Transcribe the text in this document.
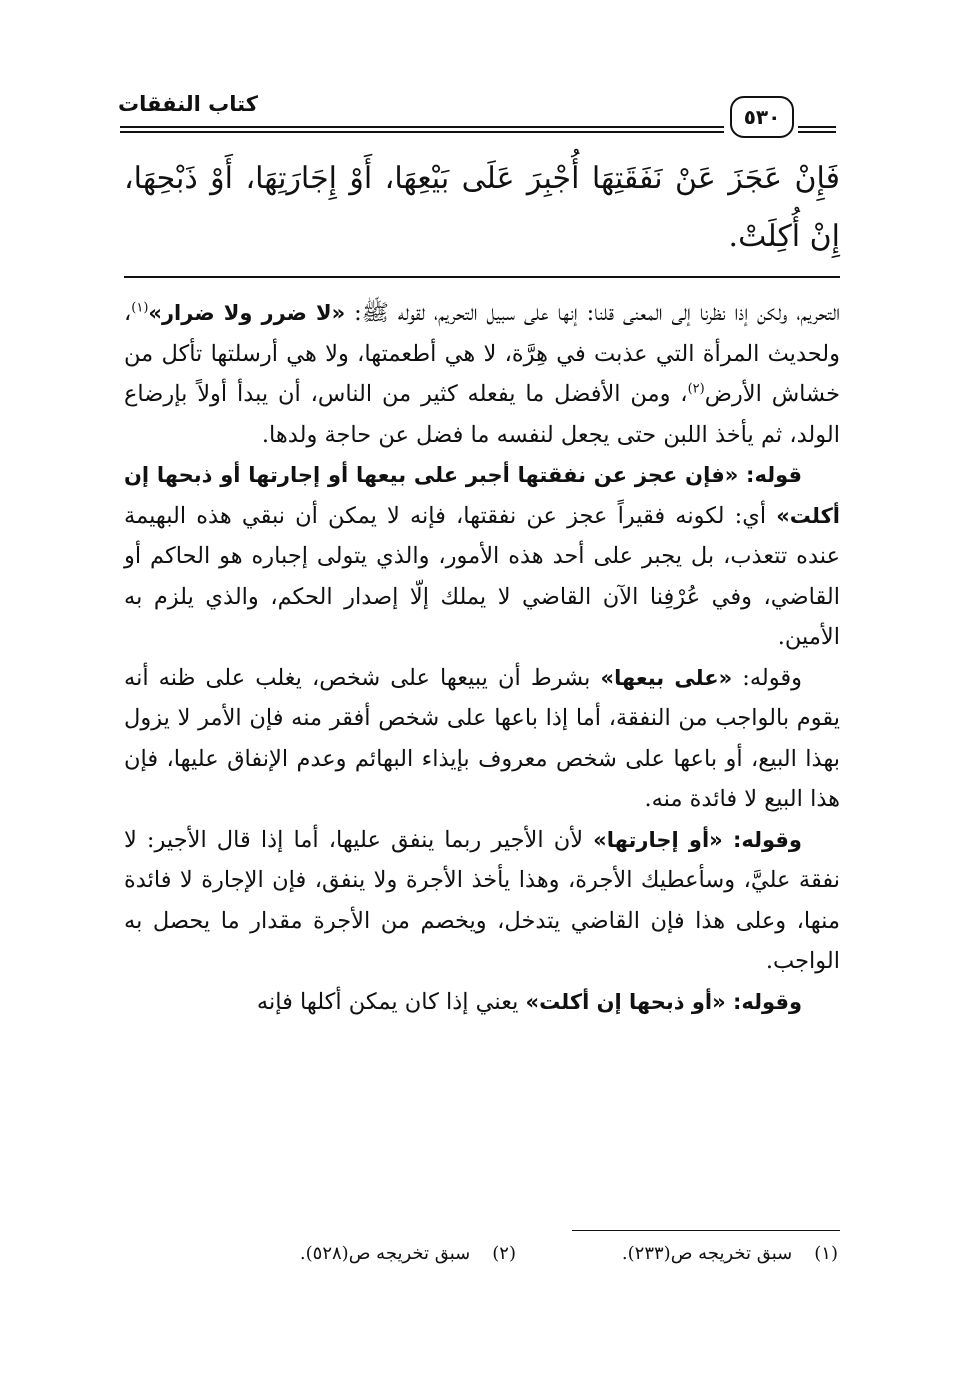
كتاب النفقات
٥٣٠

فَإِنْ عَجَزَ عَنْ نَفَقَتِهَا أُجْبِرَ عَلَى بَيْعِهَا، أَوْ إِجَارَتِهَا، أَوْ ذَبْحِهَا، إِنْ أُكِلَتْ.

التحريم، ولكن إذا نظرنا إلى المعنى قلنا: إنها على سبيل التحريم، لقوله ﷺ: «لا ضرر ولا ضرار»$^{(١)}$، ولحديث المرأة التي عذبت في هِرَّة، لا هي أطعمتها، ولا هي أرسلتها تأكل من خشاش الأرض$^{(٢)}$، ومن الأفضل ما يفعله كثير من الناس، أن يبدأ أولاً بإرضاع الولد، ثم يأخذ اللبن حتى يجعل لنفسه ما فضل عن حاجة ولدها.

قوله: «فإن عجز عن نفقتها أجبر على بيعها أو إجارتها أو ذبحها إن أكلت» أي: لكونه فقيراً عجز عن نفقتها، فإنه لا يمكن أن نبقي هذه البهيمة عنده تتعذب، بل يجبر على أحد هذه الأمور، والذي يتولى إجباره هو الحاكم أو القاضي، وفي عُرْفِنا الآن القاضي لا يملك إلّا إصدار الحكم، والذي يلزم به الأمين.

وقوله: «على بيعها» بشرط أن يبيعها على شخص، يغلب على ظنه أنه يقوم بالواجب من النفقة، أما إذا باعها على شخص أفقر منه فإن الأمر لا يزول بهذا البيع، أو باعها على شخص معروف بإيذاء البهائم وعدم الإنفاق عليها، فإن هذا البيع لا فائدة منه.

وقوله: «أو إجارتها» لأن الأجير ربما ينفق عليها، أما إذا قال الأجير: لا نفقة عليَّ، وسأعطيك الأجرة، وهذا يأخذ الأجرة ولا ينفق، فإن الإجارة لا فائدة منها، وعلى هذا فإن القاضي يتدخل، ويخصم من الأجرة مقدار ما يحصل به الواجب.

وقوله: «أو ذبحها إن أكلت» يعني إذا كان يمكن أكلها فإنه

(١)سبق تخريجه ص(٢٣٣).
(٢)سبق تخريجه ص(٥٢٨).
